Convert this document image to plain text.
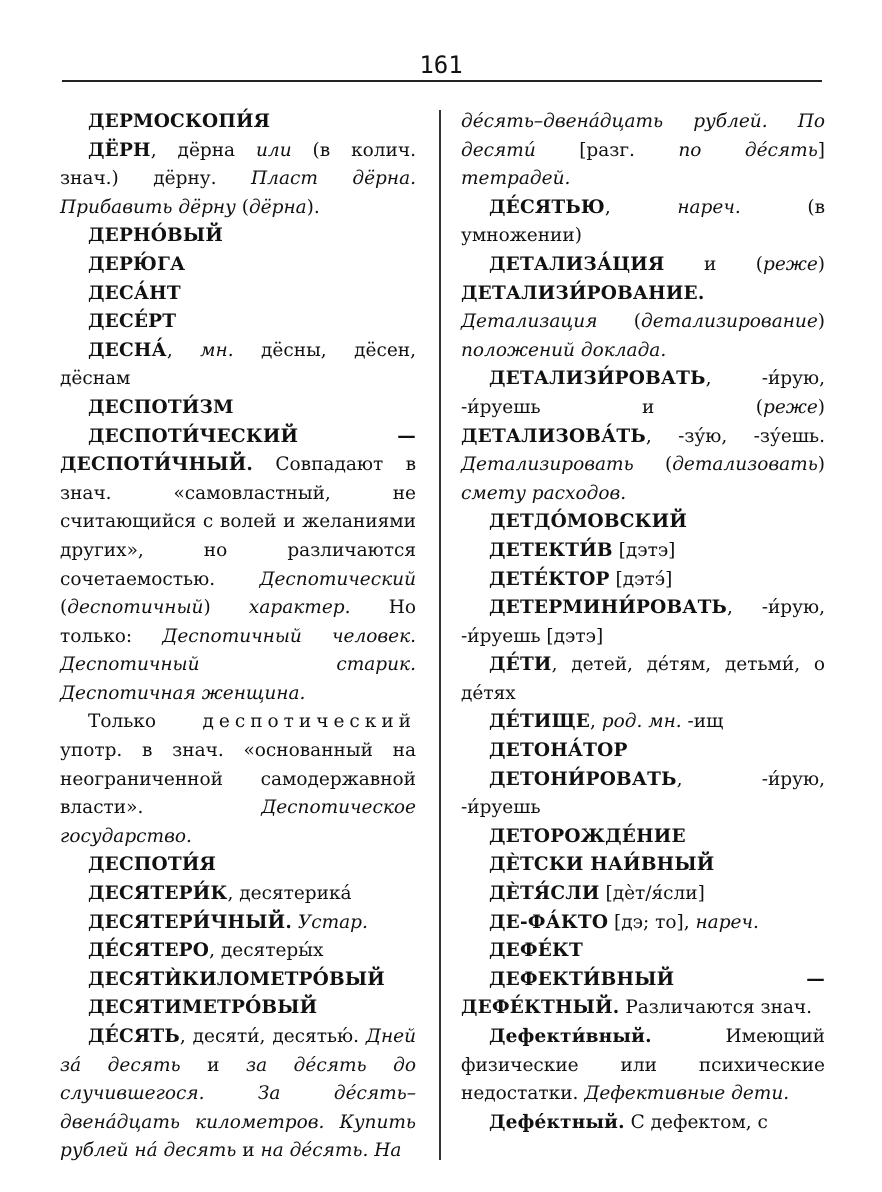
161
ДЕРМОСКОПИ́Я
ДЁРН, дёрна или (в колич. знач.) дёрну. Пласт дёрна. Прибавить дёрну (дёрна).
ДЕРНО́ВЫЙ
ДЕРЮ́ГА
ДЕСА́НТ
ДЕСЕ́РТ
ДЕСНА́, мн. дёсны, дёсен, дёснам
ДЕСПОТИ́ЗМ
ДЕСПОТИ́ЧЕСКИЙ — ДЕСПОТИ́ЧНЫЙ. Совпадают в знач. «самовластный, не считающийся с волей и желаниями других», но различаются сочетаемостью. Деспотический (деспотичный) характер. Но только: Деспотичный человек. Деспотичный старик. Деспотичная женщина.
Только деспотический употр. в знач. «основанный на неограниченной самодержавной власти». Деспотическое государство.
ДЕСПОТИ́Я
ДЕСЯТЕРИ́К, десятерика́
ДЕСЯТЕРИ́ЧНЫЙ. Устар.
ДЕ́СЯТЕРО, десятеры́х
ДЕСЯТЍКИЛОМЕТРО́ВЫЙ
ДЕСЯТИМЕТРО́ВЫЙ
ДЕ́СЯТЬ, десяти́, десятью́. Дней за́ десять и за де́сять до случившегося. За де́сять–двена́дцать километров. Купить рублей на́ десять и на де́сять. На
де́сять–двена́дцать рублей. По десяти́ [разг. по де́сять] тетрадей.
ДЕ́СЯТЬЮ, нареч. (в умножении)
ДЕТАЛИЗА́ЦИЯ и (реже) ДЕТАЛИЗИ́РОВАНИЕ. Детализация (детализирование) положений доклада.
ДЕТАЛИЗИ́РОВАТЬ, -и́рую, -и́руешь и (реже) ДЕТАЛИЗОВА́ТЬ, -зу́ю, -зу́ешь. Детализировать (детализовать) смету расходов.
ДЕТДО́МОВСКИЙ
ДЕТЕКТИ́В [дэтэ]
ДЕТЕ́КТОР [дэтэ́]
ДЕТЕРМИНИ́РОВАТЬ, -и́рую, -и́руешь [дэтэ]
ДЕ́ТИ, детей, де́тям, детьми́, о де́тях
ДЕ́ТИЩЕ, род. мн. -ищ
ДЕТОНА́ТОР
ДЕТОНИ́РОВАТЬ, -и́рую, -и́руешь
ДЕТОРОЖДЕ́НИЕ
ДЀТСКИ НАИ́ВНЫЙ
ДЀТЯ́СЛИ [дѐт/я́сли]
ДЕ-ФА́КТО [дэ; то], нареч.
ДЕФЕ́КТ
ДЕФЕКТИ́ВНЫЙ — ДЕФЕ́КТНЫЙ. Различаются знач.
Дефекти́вный. Имеющий физические или психические недостатки. Дефективные дети.
Дефе́ктный. С дефектом, с
